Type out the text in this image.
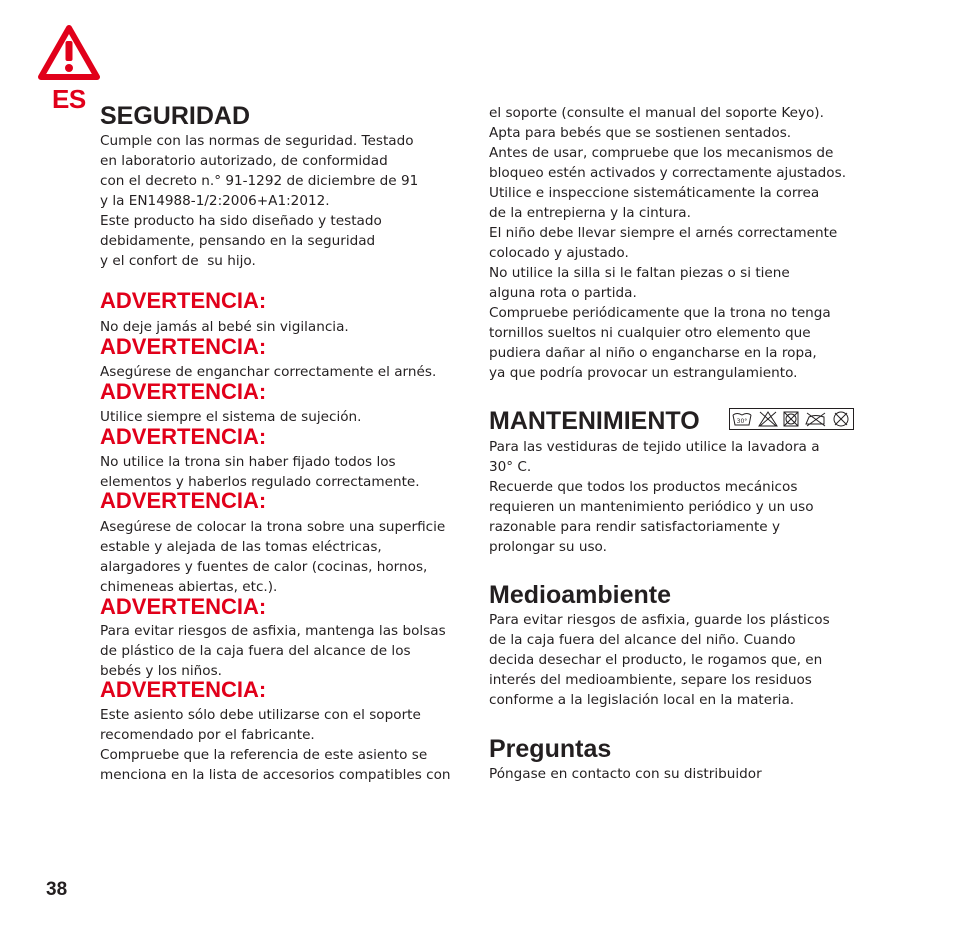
ES
SEGURIDAD
Cumple con las normas de seguridad. Testado
en laboratorio autorizado, de conformidad
con el decreto n.° 91-1292 de diciembre de 91
y la EN14988-1/2:2006+A1:2012.
Este producto ha sido diseñado y testado
debidamente, pensando en la seguridad
y el confort de  su hijo.
ADVERTENCIA:
No deje jamás al bebé sin vigilancia.
ADVERTENCIA:
Asegúrese de enganchar correctamente el arnés.
ADVERTENCIA:
Utilice siempre el sistema de sujeción.
ADVERTENCIA:
No utilice la trona sin haber fijado todos los
elementos y haberlos regulado correctamente.
ADVERTENCIA:
Asegúrese de colocar la trona sobre una superficie
estable y alejada de las tomas eléctricas,
alargadores y fuentes de calor (cocinas, hornos,
chimeneas abiertas, etc.).
ADVERTENCIA:
Para evitar riesgos de asfixia, mantenga las bolsas
de plástico de la caja fuera del alcance de los
bebés y los niños.
ADVERTENCIA:
Este asiento sólo debe utilizarse con el soporte
recomendado por el fabricante.
Compruebe que la referencia de este asiento se
menciona en la lista de accesorios compatibles con
el soporte (consulte el manual del soporte Keyo).
Apta para bebés que se sostienen sentados.
Antes de usar, compruebe que los mecanismos de
bloqueo estén activados y correctamente ajustados.
Utilice e inspeccione sistemáticamente la correa
de la entrepierna y la cintura.
El niño debe llevar siempre el arnés correctamente
colocado y ajustado.
No utilice la silla si le faltan piezas o si tiene
alguna rota o partida.
Compruebe periódicamente que la trona no tenga
tornillos sueltos ni cualquier otro elemento que
pudiera dañar al niño o engancharse en la ropa,
ya que podría provocar un estrangulamiento.
MANTENIMIENTO	30°
Para las vestiduras de tejido utilice la lavadora a
30° C.
Recuerde que todos los productos mecánicos
requieren un mantenimiento periódico y un uso
razonable para rendir satisfactoriamente y
prolongar su uso.
Medioambiente
Para evitar riesgos de asfixia, guarde los plásticos
de la caja fuera del alcance del niño. Cuando
decida desechar el producto, le rogamos que, en
interés del medioambiente, separe los residuos
conforme a la legislación local en la materia.
Preguntas
Póngase en contacto con su distribuidor
38
